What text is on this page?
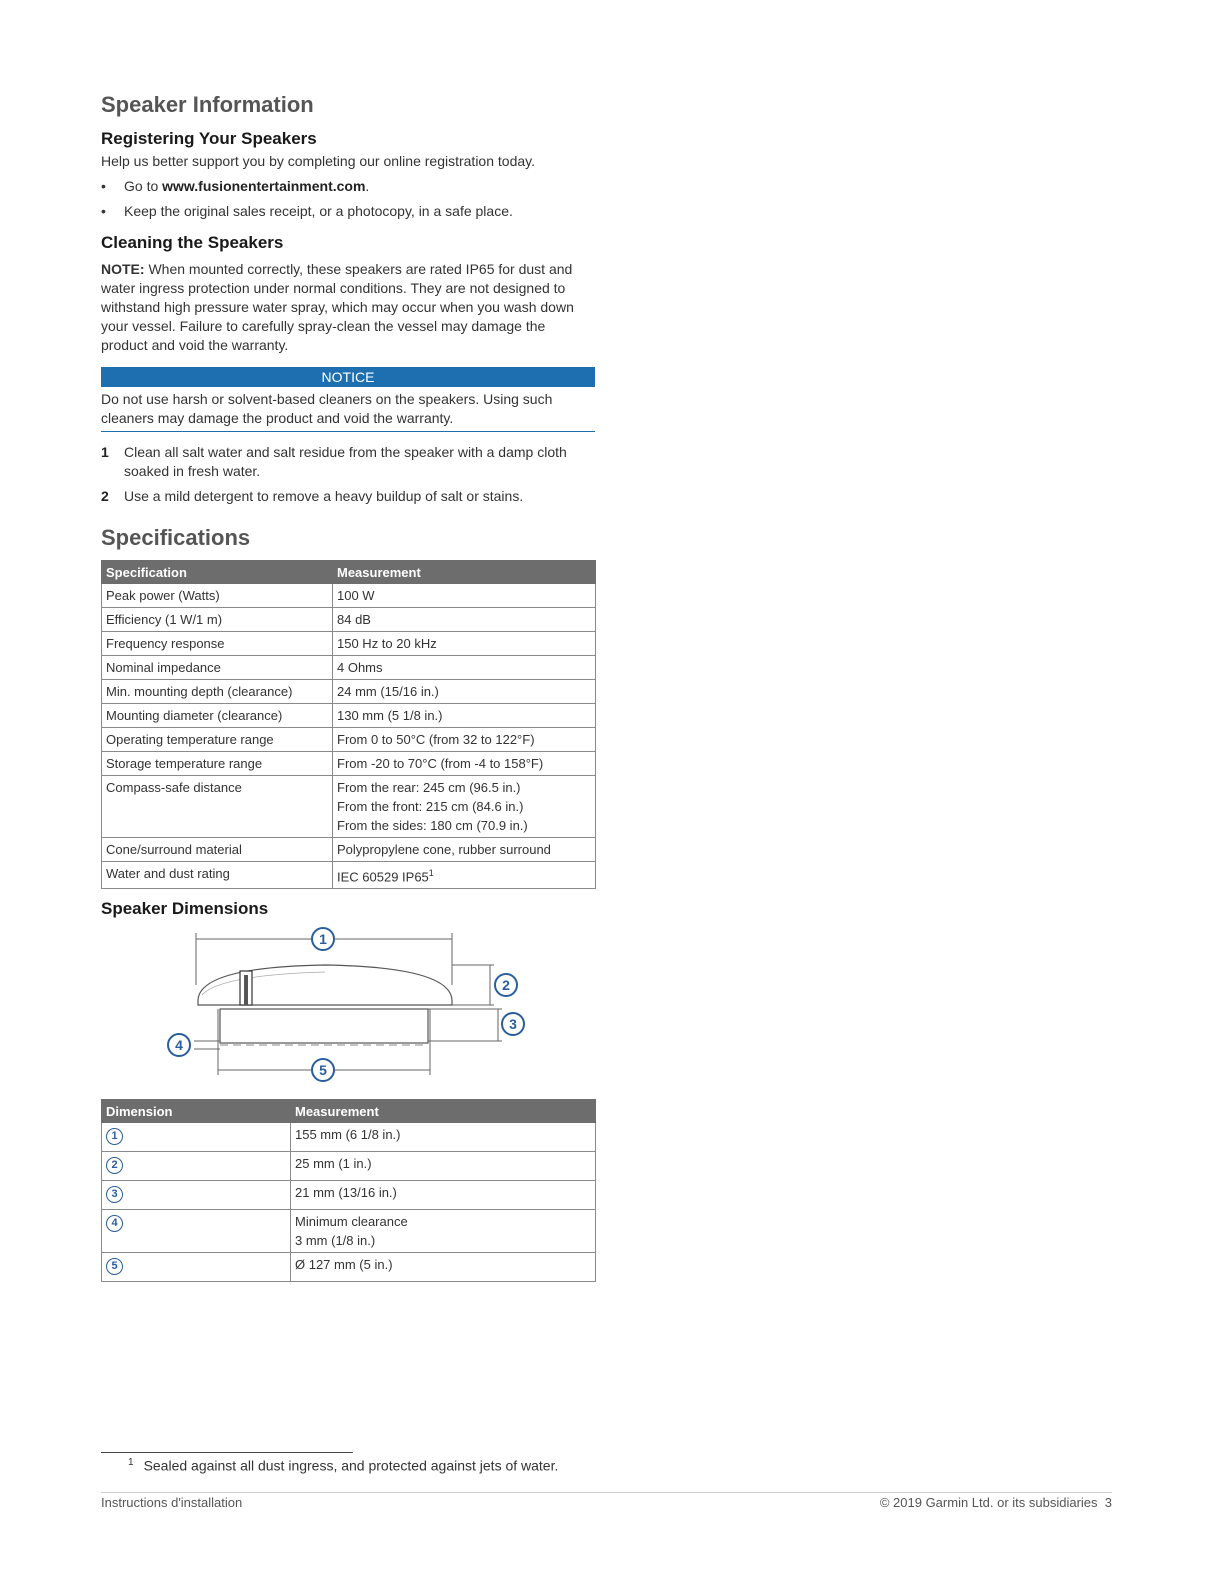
Speaker Information
Registering Your Speakers

Help us better support you by completing our online registration today.

• Go to www.fusionentertainment.com.
• Keep the original sales receipt, or a photocopy, in a safe place.
Cleaning the Speakers

NOTE: When mounted correctly, these speakers are rated IP65 for dust and water ingress protection under normal conditions. They are not designed to withstand high pressure water spray, which may occur when you wash down your vessel. Failure to carefully spray-clean the vessel may damage the product and void the warranty.

NOTICE
Do not use harsh or solvent-based cleaners on the speakers. Using such cleaners may damage the product and void the warranty.
1 Clean all salt water and salt residue from the speaker with a damp cloth soaked in fresh water.
2 Use a mild detergent to remove a heavy buildup of salt or stains.
Specifications
Specification	Measurement
Peak power (Watts)	100 W
Efficiency (1 W/1 m)	84 dB
Frequency response	150 Hz to 20 kHz
Nominal impedance	4 Ohms
Min. mounting depth (clearance)	24 mm (15/16 in.)
Mounting diameter (clearance)	130 mm (5 1/8 in.)
Operating temperature range	From 0 to 50°C (from 32 to 122°F)
Storage temperature range	From -20 to 70°C (from -4 to 158°F)
Compass-safe distance	From the rear: 245 cm (96.5 in.)
From the front: 215 cm (84.6 in.)
From the sides: 180 cm (70.9 in.)

Cone/surround material	Polypropylene cone, rubber surround
Water and dust rating	IEC 60529 $IP65^1$
Speaker Dimensions
1
2
3
4
5
Dimension	Measurement
1	155 mm (6 1/8 in.)
2	25 mm (1 in.)
3	21 mm (13/16 in.)
4	Minimum clearance
3 mm (1/8 in.)

5	Ø 127 mm (5 in.)
$^1$ Sealed against all dust ingress, and protected against jets of water.
Instructions d'installation	© 2019 Garmin Ltd. or its subsidiaries 3
